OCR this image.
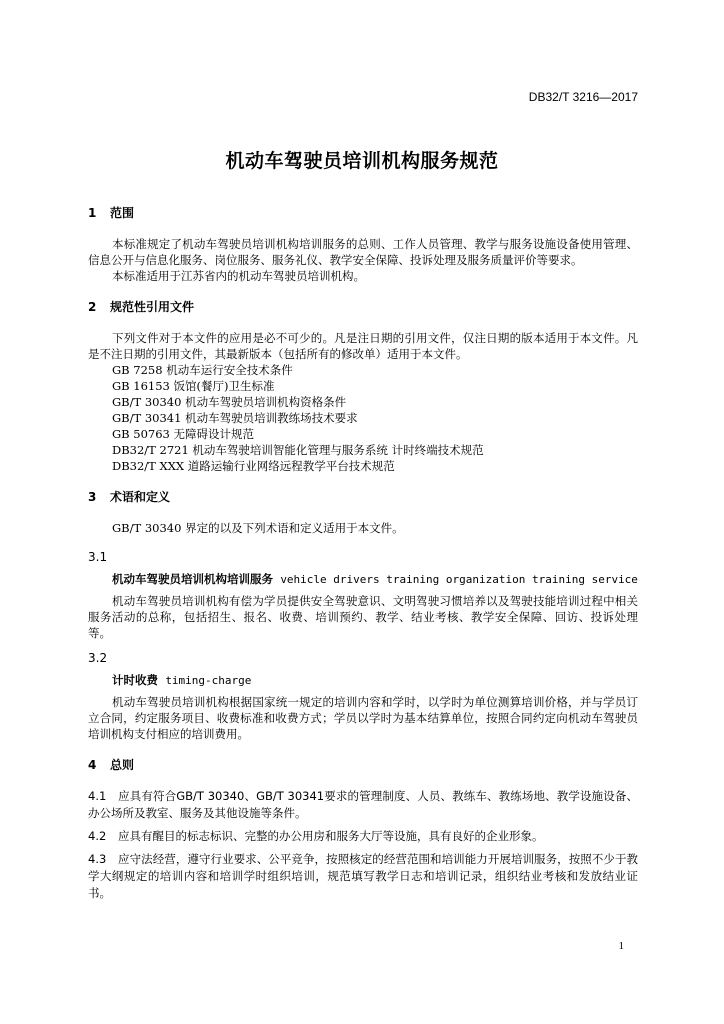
DB32/T 3216—2017
机动车驾驶员培训机构服务规范
1 范围

本标准规定了机动车驾驶员培训机构培训服务的总则、工作人员管理、教学与服务设施设备使用管理、信息公开与信息化服务、岗位服务、服务礼仪、教学安全保障、投诉处理及服务质量评价等要求。

本标准适用于江苏省内的机动车驾驶员培训机构。

2 规范性引用文件

下列文件对于本文件的应用是必不可少的。凡是注日期的引用文件，仅注日期的版本适用于本文件。凡是不注日期的引用文件，其最新版本（包括所有的修改单）适用于本文件。

GB 7258 机动车运行安全技术条件

GB 16153 饭馆(餐厅)卫生标准

GB/T 30340 机动车驾驶员培训机构资格条件

GB/T 30341 机动车驾驶员培训教练场技术要求

GB 50763 无障碍设计规范

DB32/T 2721 机动车驾驶培训智能化管理与服务系统 计时终端技术规范

DB32/T XXX 道路运输行业网络远程教学平台技术规范

3 术语和定义

GB/T 30340 界定的以及下列术语和定义适用于本文件。

3.1

机动车驾驶员培训机构培训服务 vehicle drivers training organization training service

机动车驾驶员培训机构有偿为学员提供安全驾驶意识、文明驾驶习惯培养以及驾驶技能培训过程中相关服务活动的总称，包括招生、报名、收费、培训预约、教学、结业考核、教学安全保障、回访、投诉处理等。

3.2

计时收费 timing-charge

机动车驾驶员培训机构根据国家统一规定的培训内容和学时，以学时为单位测算培训价格，并与学员订立合同，约定服务项目、收费标准和收费方式；学员以学时为基本结算单位，按照合同约定向机动车驾驶员培训机构支付相应的培训费用。

4 总则

4.1 应具有符合GB/T 30340、GB/T 30341要求的管理制度、人员、教练车、教练场地、教学设施设备、办公场所及教室、服务及其他设施等条件。

4.2 应具有醒目的标志标识、完整的办公用房和服务大厅等设施，具有良好的企业形象。

4.3 应守法经营，遵守行业要求、公平竞争，按照核定的经营范围和培训能力开展培训服务，按照不少于教学大纲规定的培训内容和培训学时组织培训，规范填写教学日志和培训记录，组织结业考核和发放结业证书。

1
